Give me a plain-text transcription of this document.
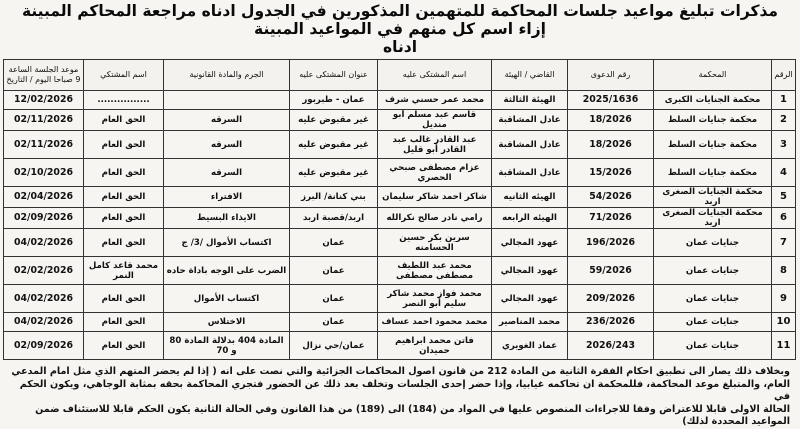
مذكرات تبليغ مواعيد جلسات المحاكمة للمتهمين المذكورين في الجدول ادناه مراجعة المحاكم المبينة إزاء اسم كل منهم في المواعيد المبينة
ادناه
الرقم	المحكمة	رقم الدعوى	القاضي / الهيئة	اسم المشتكى عليه	عنوان المشتكى عليه	الجرم والمادة القانونية	اسم المشتكي	موعد الجلسة الساعة 9 صباحا اليوم / التاريخ
1	محكمة الجنايات الكبرى	2025/1636	الهيئة الثالثة	محمد عمر حسني شرف	عمان - طبربور		................	12/02/2026
2	محكمة جنايات السلط	18/2026	عادل المشاقبة	قاسم عبد مسلم أبو منديل	غير مقبوض عليه	السرقه	الحق العام	02/11/2026
3	محكمة جنايات السلط	18/2026	عادل المشاقبة	عبد القادر غالب عبد القادر أبو قليل	غير مقبوض عليه	السرقه	الحق العام	02/11/2026
4	محكمة جنايات السلط	15/2026	عادل المشاقبة	عزام مصطفى صبحي الحصري	غير مقبوض عليه	السرقه	الحق العام	02/10/2026
5	محكمة الجنايات الصغرى اربد	54/2026	الهيئه الثانيه	شاكر احمد شاكر سليمان	بني كنانة/ البرز	الافتراء	الحق العام	02/04/2026
6	محكمة الجنايات الصغرى اربد	71/2026	الهيئه الرابعه	رامي نادر صالح نكرالله	اربد/قصبة اربد	الايذاء البسيط	الحق العام	02/09/2026
7	جنايات عمان	196/2026	عهود المجالي	سرين بكر حسين الحسامنه	عمان	اكتساب الأموال /3/ ج	الحق العام	04/02/2026
8	جنايات عمان	59/2026	عهود المجالي	محمد عبد اللطيف مصطفى مصطفى	عمان	الضرب على الوجه باداة حاده	محمد قاعد كامل النمر	02/02/2026
9	جنايات عمان	209/2026	عهود المجالي	محمد فواز محمد شاكر سليم أبو النصر	عمان	اكتساب الأموال	الحق العام	04/02/2026
10	جنايات عمان	236/2026	محمد المناصير	محمد محمود احمد عساف	عمان	الاختلاس	الحق العام	04/02/2026
11	جنايات عمان	2026/243	عماد الغويري	فاتن محمد ابراهيم حميدان	عمان/حي نزال	المادة 404 بدلالة المادة 80 و 70	الحق العام	02/09/2026
وبخلاف ذلك يصار الى تطبيق احكام الفقرة الثانية من المادة 212 من قانون اصول المحاكمات الجزائية والتي نصت على انه ( إذا لم يحضر المتهم الذي مثل امام المدعي
العام، والمتبلغ موعد المحاكمة، فللمحكمة ان تحاكمه غيابيا، وإذا حضر إحدى الجلسات وتخلف بعد ذلك عن الحضور فتجري المحاكمة بحقه بمثابة الوجاهي، ويكون الحكم في
الحالة الاولى قابلا للاعتراض وفقا للاجراءات المنصوص عليها في المواد من (184) الى (189) من هذا القانون وفي الحالة الثانية يكون الحكم قابلا للاستئناف ضمن
المواعيد المحددة لذلك)
